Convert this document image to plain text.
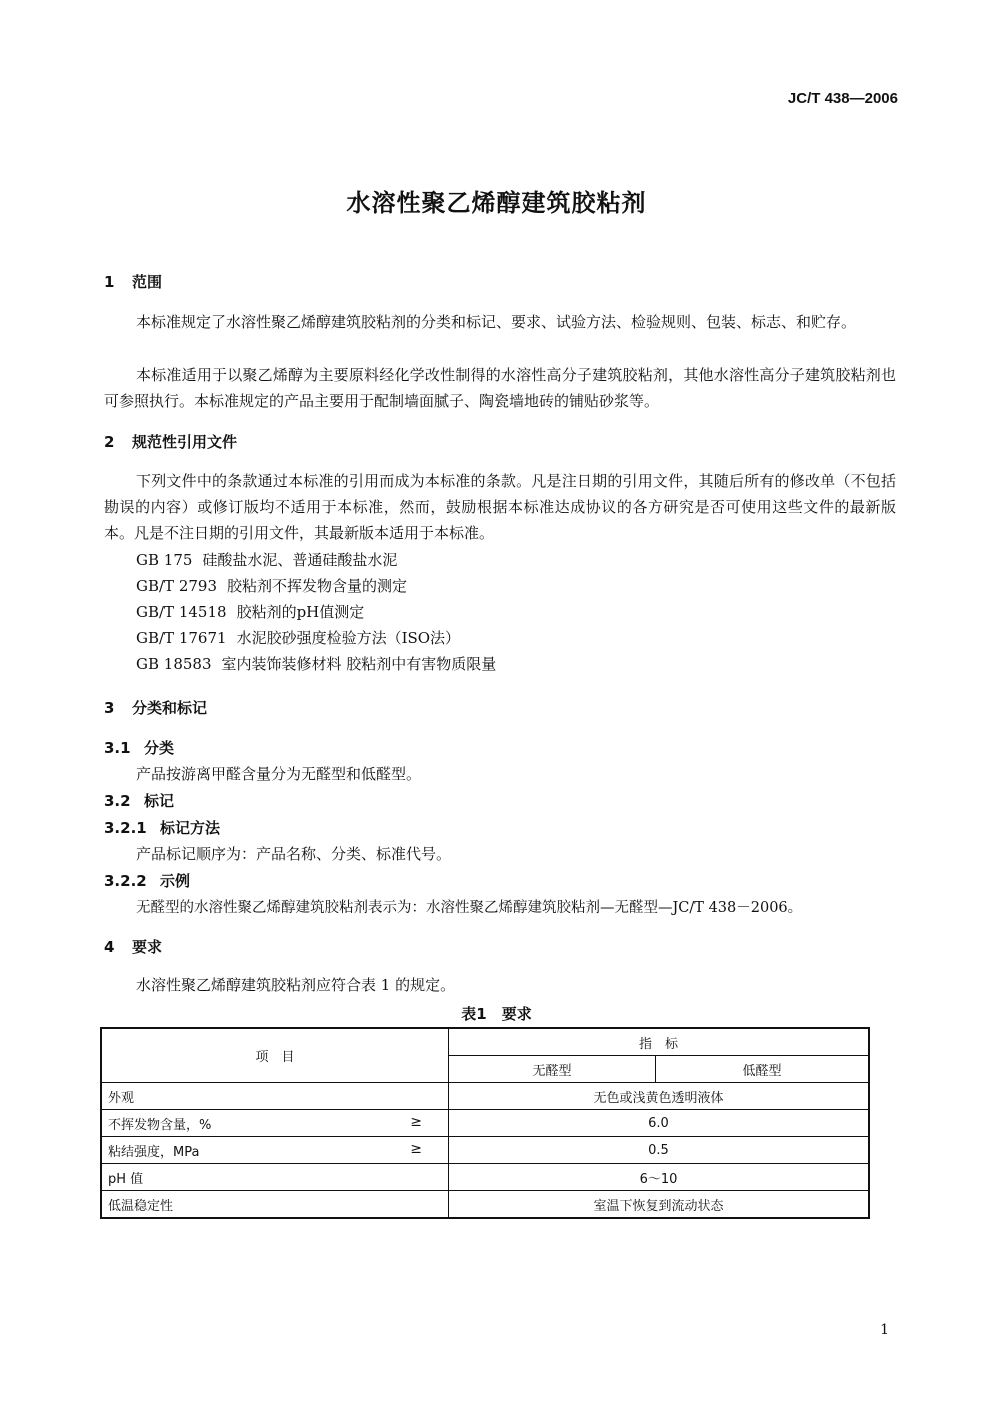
JC/T 438—2006
水溶性聚乙烯醇建筑胶粘剂
1 范围
本标准规定了水溶性聚乙烯醇建筑胶粘剂的分类和标记、要求、试验方法、检验规则、包装、标志、和贮存。
本标准适用于以聚乙烯醇为主要原料经化学改性制得的水溶性高分子建筑胶粘剂，其他水溶性高分子建筑胶粘剂也可参照执行。本标准规定的产品主要用于配制墙面腻子、陶瓷墙地砖的铺贴砂浆等。
2 规范性引用文件
下列文件中的条款通过本标准的引用而成为本标准的条款。凡是注日期的引用文件，其随后所有的修改单（不包括勘误的内容）或修订版均不适用于本标准，然而，鼓励根据本标准达成协议的各方研究是否可使用这些文件的最新版本。凡是不注日期的引用文件，其最新版本适用于本标准。
GB 175 硅酸盐水泥、普通硅酸盐水泥
GB/T 2793 胶粘剂不挥发物含量的测定
GB/T 14518 胶粘剂的pH值测定
GB/T 17671 水泥胶砂强度检验方法（ISO法）
GB 18583 室内装饰装修材料 胶粘剂中有害物质限量
3 分类和标记
3.1 分类
产品按游离甲醛含量分为无醛型和低醛型。
3.2 标记
3.2.1 标记方法
产品标记顺序为：产品名称、分类、标准代号。
3.2.2 示例
无醛型的水溶性聚乙烯醇建筑胶粘剂表示为：水溶性聚乙烯醇建筑胶粘剂—无醛型—JC/T 438－2006。
4 要求
水溶性聚乙烯醇建筑胶粘剂应符合表 1 的规定。
表1　要求
项　目	指　标	
	无醛型	低醛型
外观	无色或浅黄色透明液体	
不挥发物含量，% ≥	6.0	
粘结强度，MPa ≥	0.5	
pH 值	6～10	
低温稳定性	室温下恢复到流动状态	
1
